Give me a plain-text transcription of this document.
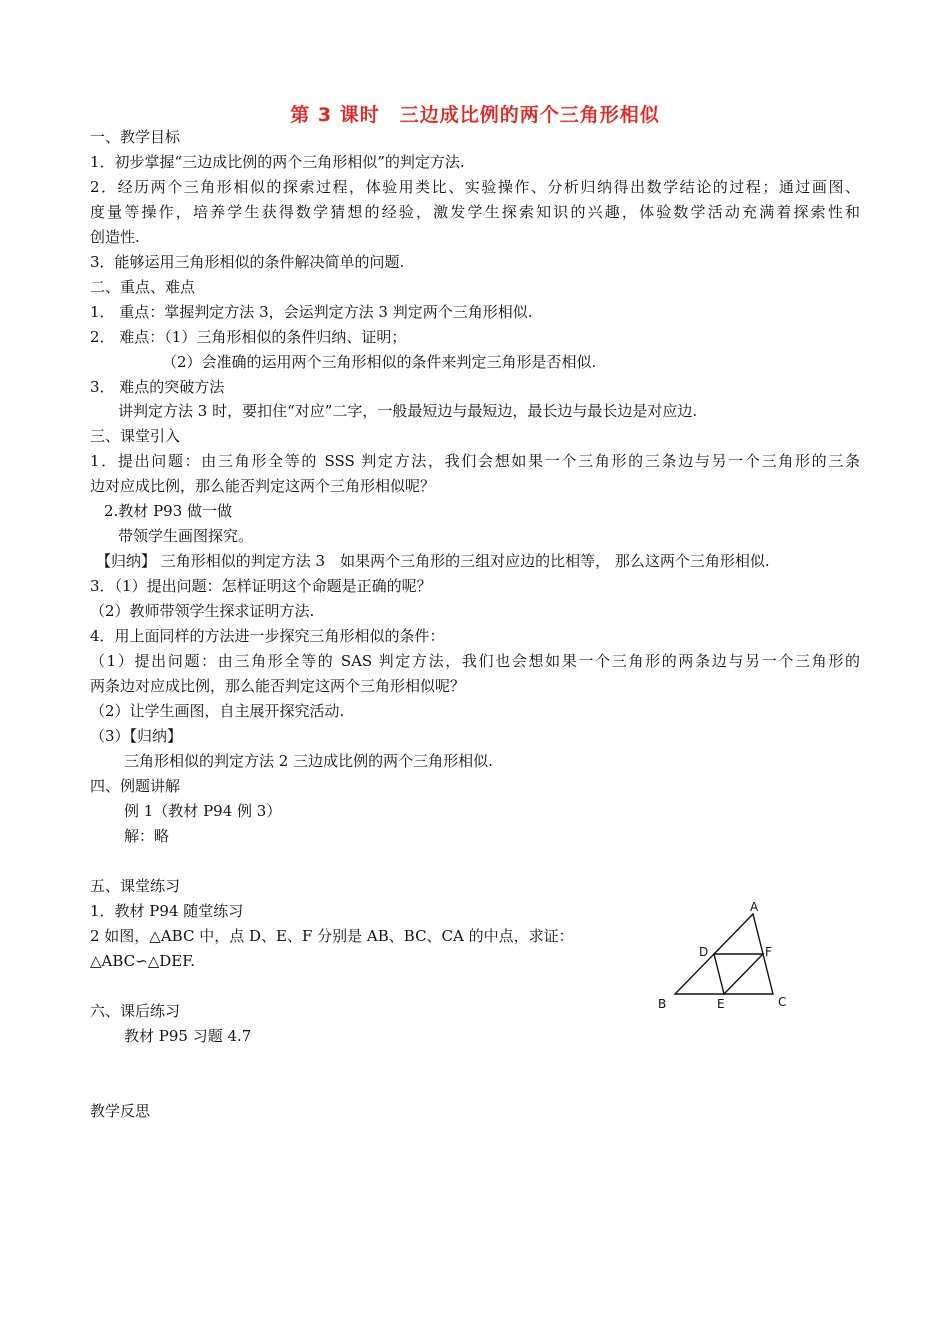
第 3 课时　三边成比例的两个三角形相似
一、教学目标
1．初步掌握“三边成比例的两个三角形相似”的判定方法.
2．经历两个三角形相似的探索过程，体验用类比、实验操作、分析归纳得出数学结论的过程；通过画图、
度量等操作，培养学生获得数学猜想的经验，激发学生探索知识的兴趣，体验数学活动充满着探索性和
创造性.
3．能够运用三角形相似的条件解决简单的问题.
二、重点、难点
1． 重点：掌握判定方法 3，会运判定方法 3 判定两个三角形相似.
2． 难点：（1）三角形相似的条件归纳、证明；
（2）会准确的运用两个三角形相似的条件来判定三角形是否相似.
3． 难点的突破方法
讲判定方法 3 时，要扣住“对应”二字，一般最短边与最短边，最长边与最长边是对应边.
三、课堂引入
1．提出问题：由三角形全等的 SSS 判定方法，我们会想如果一个三角形的三条边与另一个三角形的三条
边对应成比例，那么能否判定这两个三角形相似呢？
2.教材 P93 做一做
带领学生画图探究。
【归纳】 三角形相似的判定方法 3　如果两个三角形的三组对应边的比相等， 那么这两个三角形相似.
3．（1）提出问题：怎样证明这个命题是正确的呢？
（2）教师带领学生探求证明方法.
4．用上面同样的方法进一步探究三角形相似的条件：
（1）提出问题：由三角形全等的 SAS 判定方法，我们也会想如果一个三角形的两条边与另一个三角形的
两条边对应成比例，那么能否判定这两个三角形相似呢？
（2）让学生画图，自主展开探究活动.
（3）【归纳】
三角形相似的判定方法 2 三边成比例的两个三角形相似.
四、例题讲解
例 1（教材 P94 例 3）
解：略
五、课堂练习
1．教材 P94 随堂练习
2 如图，△ABC 中，点 D、E、F 分别是 AB、BC、CA 的中点，求证：
△ABC∽△DEF.
六、课后练习
教材 P95 习题 4.7
教学反思
A
B	C
D
E
F
